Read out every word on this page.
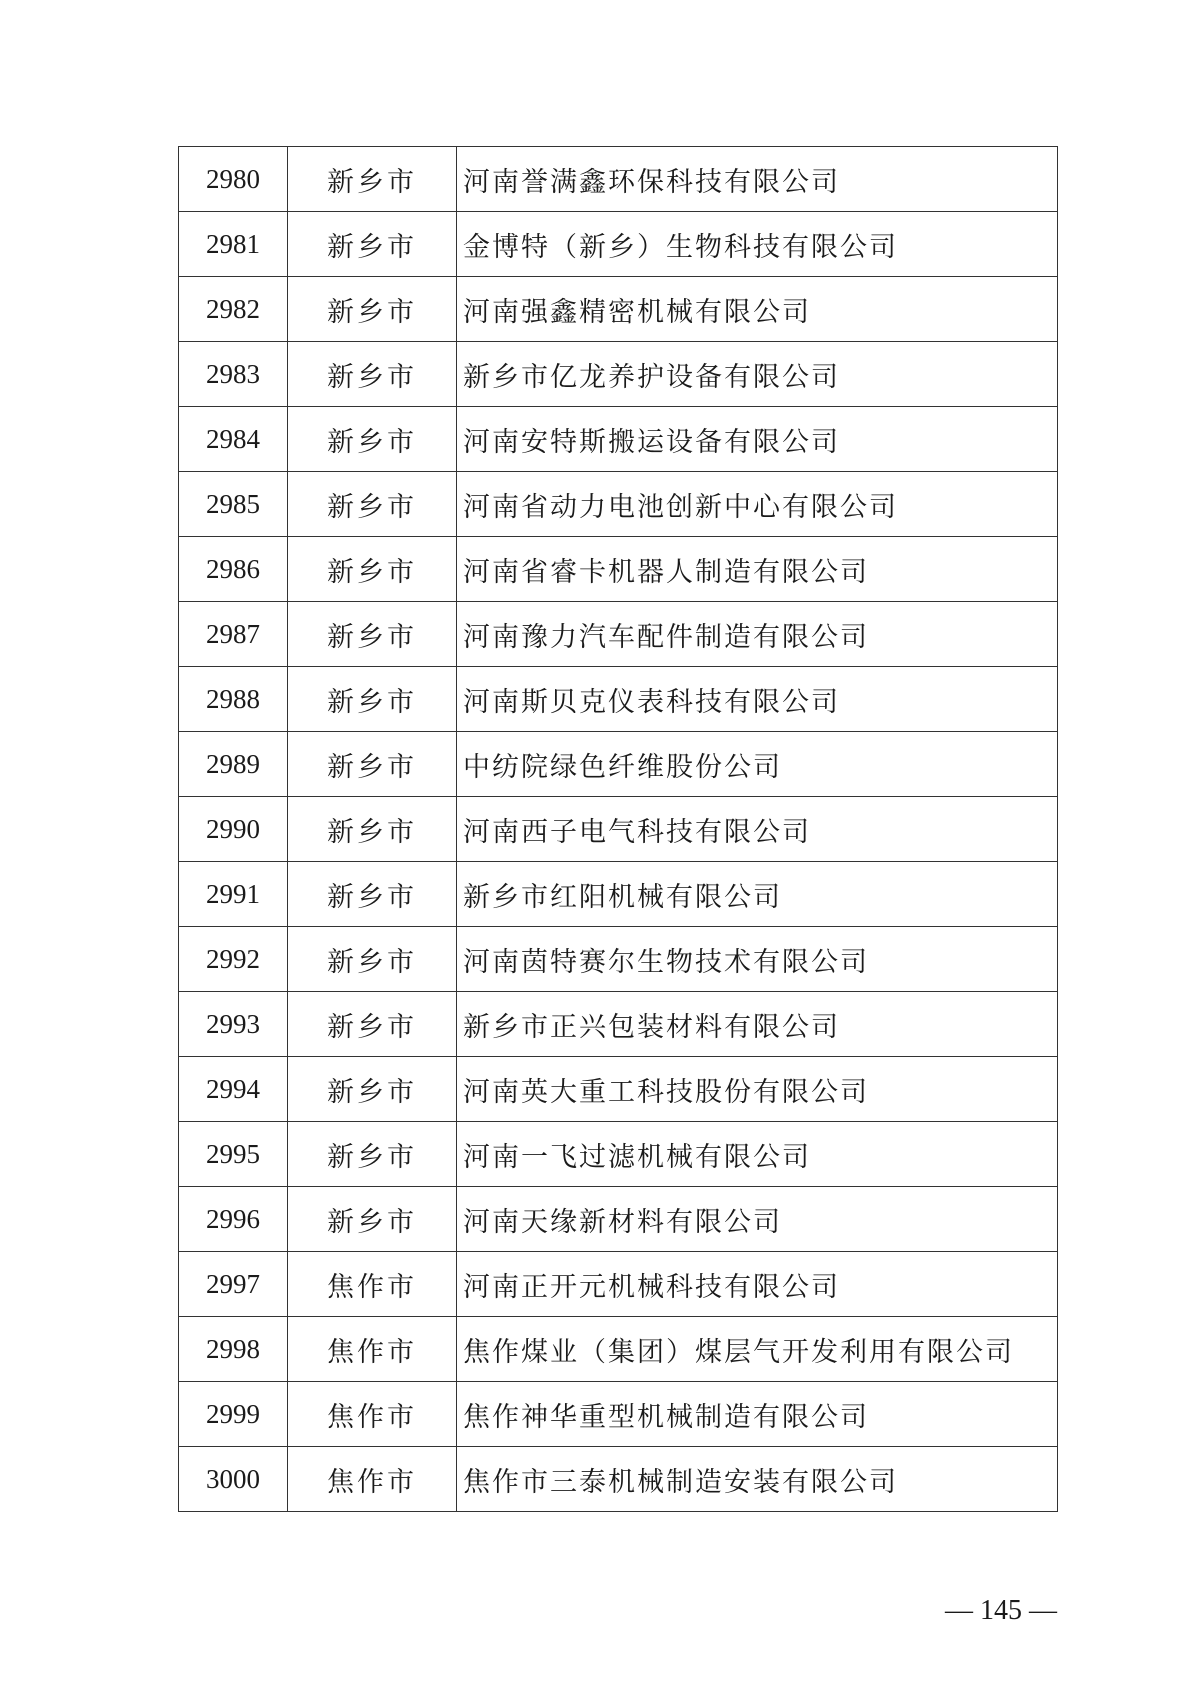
2980	新乡市	河南誉满鑫环保科技有限公司
2981	新乡市	金博特（新乡）生物科技有限公司
2982	新乡市	河南强鑫精密机械有限公司
2983	新乡市	新乡市亿龙养护设备有限公司
2984	新乡市	河南安特斯搬运设备有限公司
2985	新乡市	河南省动力电池创新中心有限公司
2986	新乡市	河南省睿卡机器人制造有限公司
2987	新乡市	河南豫力汽车配件制造有限公司
2988	新乡市	河南斯贝克仪表科技有限公司
2989	新乡市	中纺院绿色纤维股份公司
2990	新乡市	河南西子电气科技有限公司
2991	新乡市	新乡市红阳机械有限公司
2992	新乡市	河南茵特赛尔生物技术有限公司
2993	新乡市	新乡市正兴包装材料有限公司
2994	新乡市	河南英大重工科技股份有限公司
2995	新乡市	河南一飞过滤机械有限公司
2996	新乡市	河南天缘新材料有限公司
2997	焦作市	河南正开元机械科技有限公司
2998	焦作市	焦作煤业（集团）煤层气开发利用有限公司
2999	焦作市	焦作神华重型机械制造有限公司
3000	焦作市	焦作市三泰机械制造安装有限公司
— 145 —
